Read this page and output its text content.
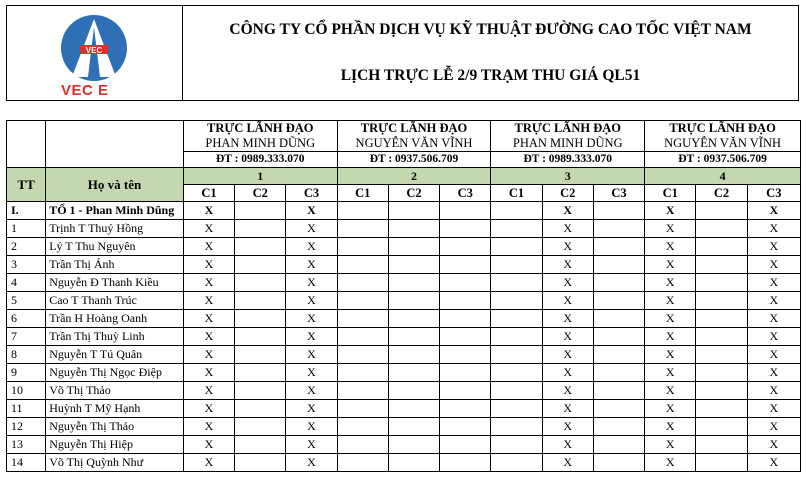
VEC
VEC E
CÔNG TY CỔ PHẦN DỊCH VỤ KỸ THUẬT ĐƯỜNG CAO TỐC VIỆT NAM
LỊCH TRỰC LỄ 2/9 TRẠM THU GIÁ QL51
		TRỰC LÃNH ĐẠO			TRỰC LÃNH ĐẠO			TRỰC LÃNH ĐẠO			TRỰC LÃNH ĐẠO		
		PHAN MINH DŨNG			NGUYỄN VĂN VĨNH			PHAN MINH DŨNG			NGUYỄN VĂN VĨNH		
		ĐT : 0989.333.070			ĐT : 0937.506.709			ĐT : 0989.333.070			ĐT : 0937.506.709		
TT	Họ và tên	1			2			3			4		
		C1	C2	C3	C1	C2	C3	C1	C2	C3	C1	C2	C3
I.	TỔ 1 - Phan Minh Dũng	X		X					X		X		X
1	Trịnh T Thuý Hồng	X		X					X		X		X
2	Lý T Thu Nguyên	X		X					X		X		X
3	Trần Thị Ánh	X		X					X		X		X
4	Nguyễn Đ Thanh Kiều	X		X					X		X		X
5	Cao T Thanh Trúc	X		X					X		X		X
6	Trần H Hoàng Oanh	X		X					X		X		X
7	Trần Thị Thuỳ Linh	X		X					X		X		X
8	Nguyễn T Tú Quân	X		X					X		X		X
9	Nguyễn Thị Ngọc Điệp	X		X					X		X		X
10	Võ Thị Thảo	X		X					X		X		X
11	Huỳnh T Mỹ Hạnh	X		X					X		X		X
12	Nguyễn Thị Thảo	X		X					X		X		X
13	Nguyễn Thị Hiệp	X		X					X		X		X
14	Võ Thị Quỳnh Như	X		X					X		X		X
